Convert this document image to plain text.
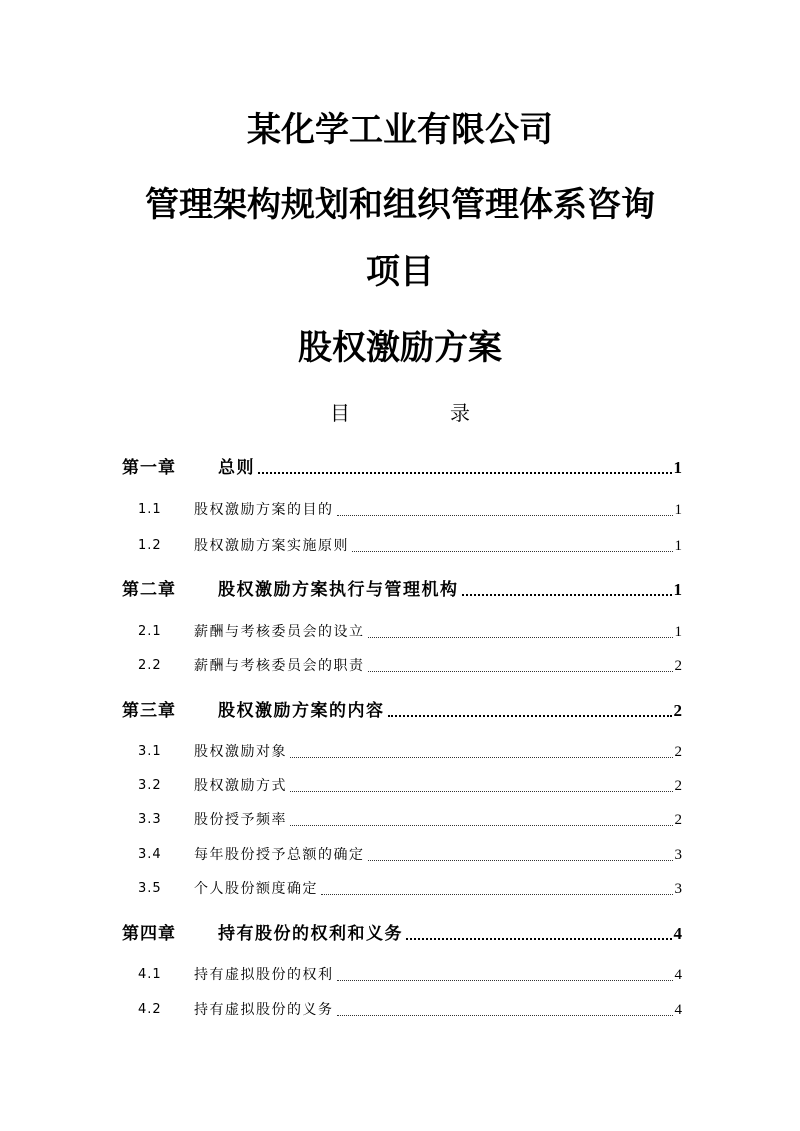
某化学工业有限公司
管理架构规划和组织管理体系咨询
项目
股权激励方案
目	录
第一章	总则	1
1.1	股权激励方案的目的	1
1.2	股权激励方案实施原则	1
第二章	股权激励方案执行与管理机构	1
2.1	薪酬与考核委员会的设立	1
2.2	薪酬与考核委员会的职责	2
第三章	股权激励方案的内容	2
3.1	股权激励对象	2
3.2	股权激励方式	2
3.3	股份授予频率	2
3.4	每年股份授予总额的确定	3
3.5	个人股份额度确定	3
第四章	持有股份的权利和义务	4
4.1	持有虚拟股份的权利	4
4.2	持有虚拟股份的义务	4
